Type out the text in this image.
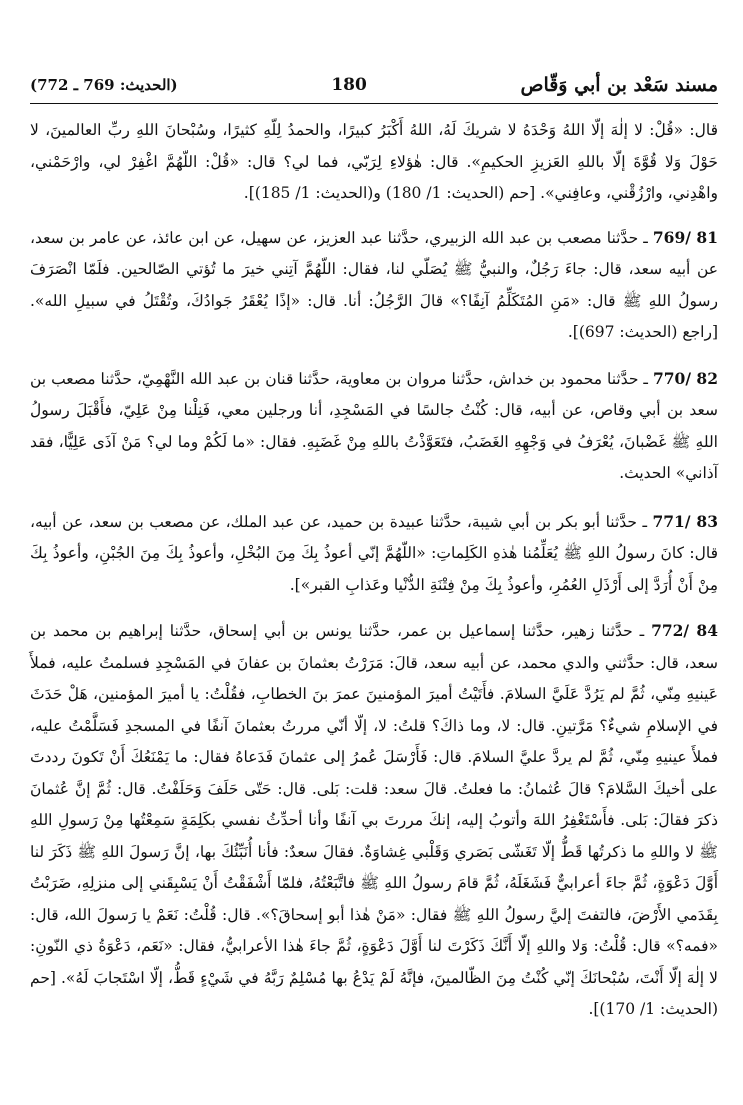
مسند سَعْد بن أبي وَقّاص
180
(الحديث: 769 ـ 772)

قال: «قُلْ: لا إلٰهَ إلّا اللهُ وَحْدَهُ لا شريكَ لَهُ، اللهُ أَكْبَرُ كبيرًا، والحمدُ لِلّهِ كثيرًا، وسُبْحانَ اللهِ ربِّ العالمينَ، لا حَوْلَ وَلا قُوَّةَ إلّا باللهِ العَزيزِ الحكيمِ». قال: هٰؤلاءِ لِرَبّي، فما لي؟ قال: «قُلْ: اللّهُمَّ اغْفِرْ لي، وارْحَمْني، واهْدِني، وارْزُقْني، وعافِني». [حم (الحديث: 1/ 180) و(الحديث: 1/ 185)].

769/ 81 ـ حدَّثنا مصعب بن عبد الله الزبيري، حدَّثنا عبد العزيز، عن سهيل، عن ابن عائذ، عن عامر بن سعد، عن أبيه سعد، قال: جاءَ رَجُلٌ، والنبيُّ ﷺ يُصَلّي لنا، فقال: اللّهُمَّ آتِني خيرَ ما تُؤتي الصّالحين. فلَمّا انْصَرَفَ رسولُ اللهِ ﷺ قال: «مَنِ المُتَكَلِّمُ آنِفًا؟» قالَ الرَّجُلُ: أنا. قال: «إذًا يُعْقَرُ جَوادُكَ، وتُقْتَلُ في سبيلِ الله». [راجع (الحديث: 697)].

770/ 82 ـ حدَّثنا محمود بن خداش، حدَّثنا مروان بن معاوية، حدَّثنا قنان بن عبد الله النَّهْمِيّ، حدَّثنا مصعب بن سعد بن أبي وقاص، عن أبيه، قال: كُنْتُ جالسًا في المَسْجِدِ، أنا ورجلين معي، فَنِلْنا مِنْ عَلِيّ، فأَقْبَلَ رسولُ اللهِ ﷺ غَضْبانَ، يُعْرَفُ في وَجْهِهِ الغَضَبُ، فتَعَوَّذْتُ باللهِ مِنْ غَضَبِهِ. فقال: «ما لَكُمْ وما لي؟ مَنْ آذَى عَلِيًّا، فقد آذاني» الحديث.

771/ 83 ـ حدَّثنا أبو بكر بن أبي شيبة، حدَّثنا عبيدة بن حميد، عن عبد الملك، عن مصعب بن سعد، عن أبيه، قال: كانَ رسولُ اللهِ ﷺ يُعَلِّمُنا هٰذهِ الكَلِماتِ: «اللّهُمَّ إنّي أعوذُ بِكَ مِنَ البُخْلِ، وأعوذُ بِكَ مِنَ الجُبْنِ، وأعوذُ بِكَ مِنْ أَنْ أُرَدَّ إلى أَرْذَلِ العُمُرِ، وأعوذُ بِكَ مِنْ فِتْنَةِ الدُّنْيا وعَذابِ القبر»].

772/ 84 ـ حدَّثنا زهير، حدَّثنا إسماعيل بن عمر، حدَّثنا يونس بن أبي إسحاق، حدَّثنا إبراهيم بن محمد بن سعد، قال: حدَّثني والدي محمد، عن أبيه سعد، قالَ: مَرَرْتُ بعثمانَ بن عفانَ في المَسْجِدِ فسلمتُ عليه، فملأَ عَينيهِ مِنّي، ثُمَّ لم يَرُدَّ عَلَيَّ السلامَ. فأَتَيْتُ أميرَ المؤمنينَ عمرَ بنَ الخطابِ، فقُلْتُ: يا أميرَ المؤمنين، هَلْ حَدَثَ في الإسلامِ شيءٌ؟ مَرَّتينِ. قال: لا، وما ذاكَ؟ قلتُ: لا، إلّا أنّي مررتُ بعثمانَ آنفًا في المسجدِ فَسَلَّمْتُ عليه، فملأَ عينيهِ مِنّي، ثُمَّ لم يردَّ عليَّ السلامَ. قال: فَأَرْسَلَ عُمرُ إلى عثمانَ فَدَعاهُ فقال: ما يَمْنَعُكَ أَنْ تَكونَ رددتَ على أخيكَ السَّلامَ؟ قالَ عُثمانُ: ما فعلتُ. قالَ سعد: قلت: بَلى. قال: حَتّى حَلَفَ وَحَلَفْتُ. قال: ثُمَّ إنَّ عُثمانَ ذكرَ فقالَ: بَلى. فأَسْتَغْفِرُ اللهَ وأتوبُ إليه، إنكَ مررتَ بي آنفًا وأنا أحدِّثُ نفسي بكَلِمَةٍ سَمِعْتُها مِنْ رَسولِ اللهِ ﷺ لا واللهِ ما ذكرتُها قَطُّ إلّا تَغَشّى بَصَري وَقَلْبي غِشاوَةٌ. فقالَ سعدٌ: فأنا أُنَبِّئُكَ بها، إنَّ رَسولَ اللهِ ﷺ ذَكَرَ لنا أَوَّلَ دَعْوَةٍ، ثُمَّ جاءَ أعرابيٌّ فَشَغَلَهُ، ثُمَّ قامَ رسولُ اللهِ ﷺ فاتَّبَعْتُهُ، فلمّا أَشْفَقْتُ أَنْ يَسْبِقَني إلى منزلِهِ، ضَرَبْتُ بِقَدَمي الأَرْضَ، فالتفتَ إليَّ رسولُ اللهِ ﷺ فقال: «مَنْ هٰذا أبو إسحاقَ؟». قال: قُلْتُ: نَعَمْ يا رَسولَ الله، قال: «فمه؟» قال: قُلْتُ: وَلا واللهِ إلّا أَنَّكَ ذَكَرْتَ لنا أَوَّلَ دَعْوَةٍ، ثُمَّ جاءَ هٰذا الأعرابيُّ، فقال: «نَعَم، دَعْوَةُ ذي النّونِ: لا إلٰهَ إلّا أَنْتَ، سُبْحانَكَ إنّي كُنْتُ مِنَ الظّالمينَ، فإنَّهُ لَمْ يَدْعُ بها مُسْلِمٌ رَبَّهُ في شَيْءٍ قَطُّ، إلّا اسْتَجابَ لَهُ». [حم (الحديث: 1/ 170)].
